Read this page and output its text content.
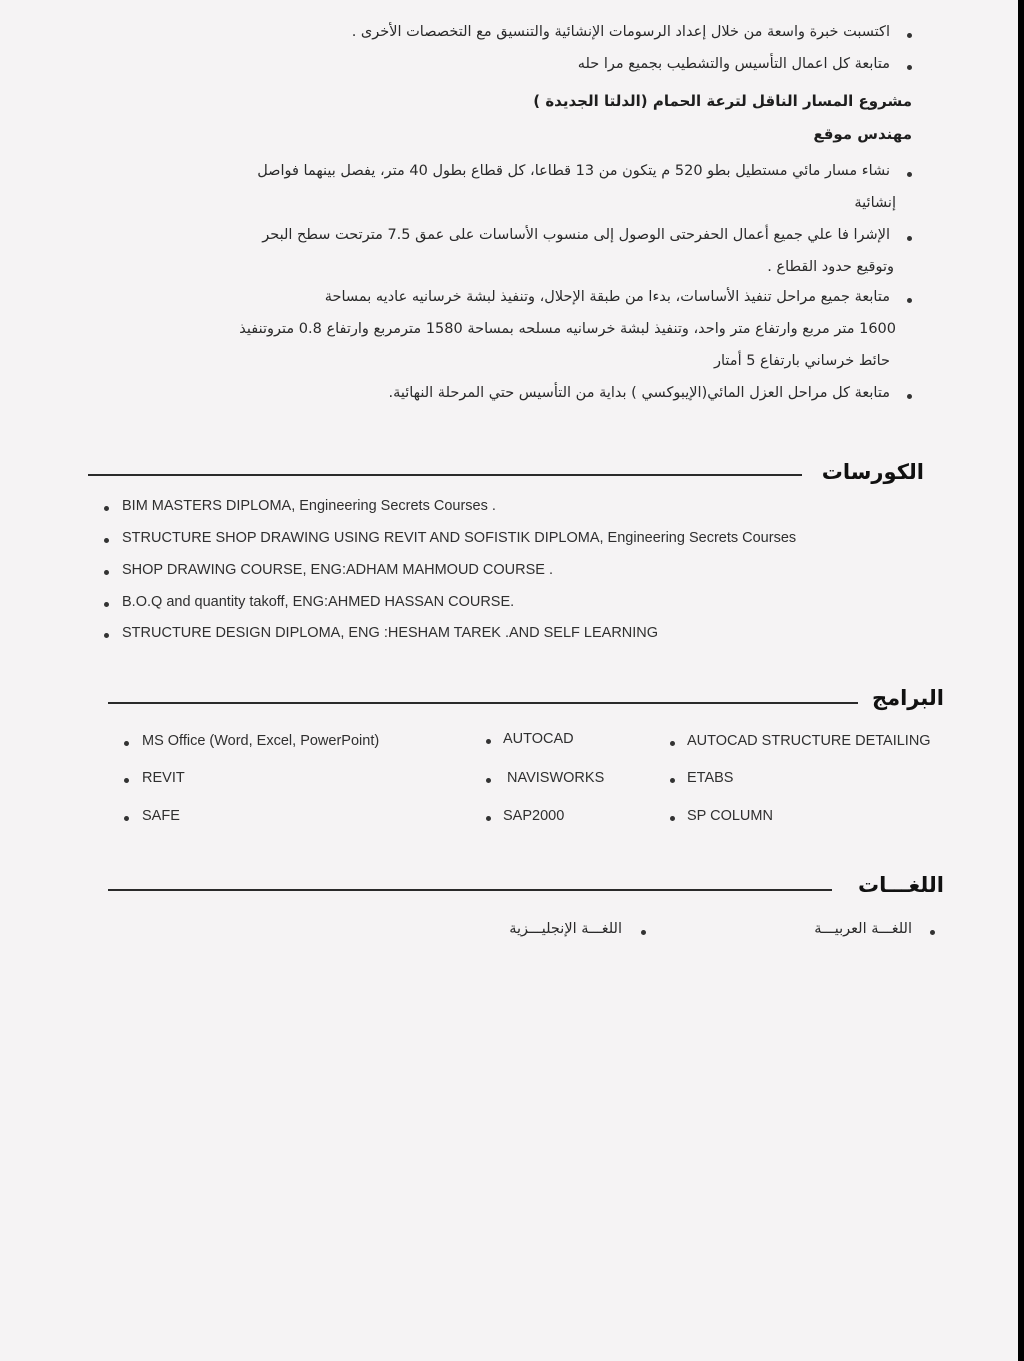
اكتسبت خبرة واسعة من خلال إعداد الرسومات الإنشائية والتنسيق مع التخصصات الأخرى .
متابعة كل اعمال التأسيس والتشطيب بجميع مرا حله
مشروع المسار الناقل لترعة الحمام (الدلتا الجديدة )
مهندس موقع
نشاء مسار مائي مستطيل بطو 520 م يتكون من 13 قطاعا، كل قطاع بطول 40 متر، يفصل بينهما فواصل
إنشائية
الإشرا فا علي جميع أعمال الحفرحتى الوصول إلى منسوب الأساسات على عمق 7.5 مترتحت سطح البحر
وتوقيع حدود القطاع .
متابعة جميع مراحل تنفيذ الأساسات، بدءا من طبقة الإحلال، وتنفيذ لبشة خرسانيه عاديه بمساحة
1600 متر مربع وارتفاع متر واحد، وتنفيذ لبشة خرسانيه مسلحه بمساحة 1580 مترمربع وارتفاع 0.8 متروتنفيذ
حائط خرساني بارتفاع 5 أمتار
متابعة كل مراحل العزل المائي(الإيبوكسي ) بداية من التأسيس حتي المرحلة النهائية.
الكورسات
BIM MASTERS DIPLOMA, Engineering Secrets Courses .
STRUCTURE SHOP DRAWING USING REVIT AND SOFISTIK DIPLOMA, Engineering Secrets Courses
SHOP DRAWING COURSE, ENG:ADHAM MAHMOUD COURSE .
B.O.Q and quantity takoff, ENG:AHMED HASSAN COURSE.
STRUCTURE DESIGN DIPLOMA, ENG :HESHAM TAREK .AND SELF LEARNING
البرامج
AUTOCAD STRUCTURE DETAILING
ETABS
SP COLUMN
AUTOCAD
NAVISWORKS
SAP2000
MS Office (Word, Excel, PowerPoint)
REVIT
SAFE
اللغـــات
اللغـــة العربيـــة
اللغـــة الإنجليـــزية
